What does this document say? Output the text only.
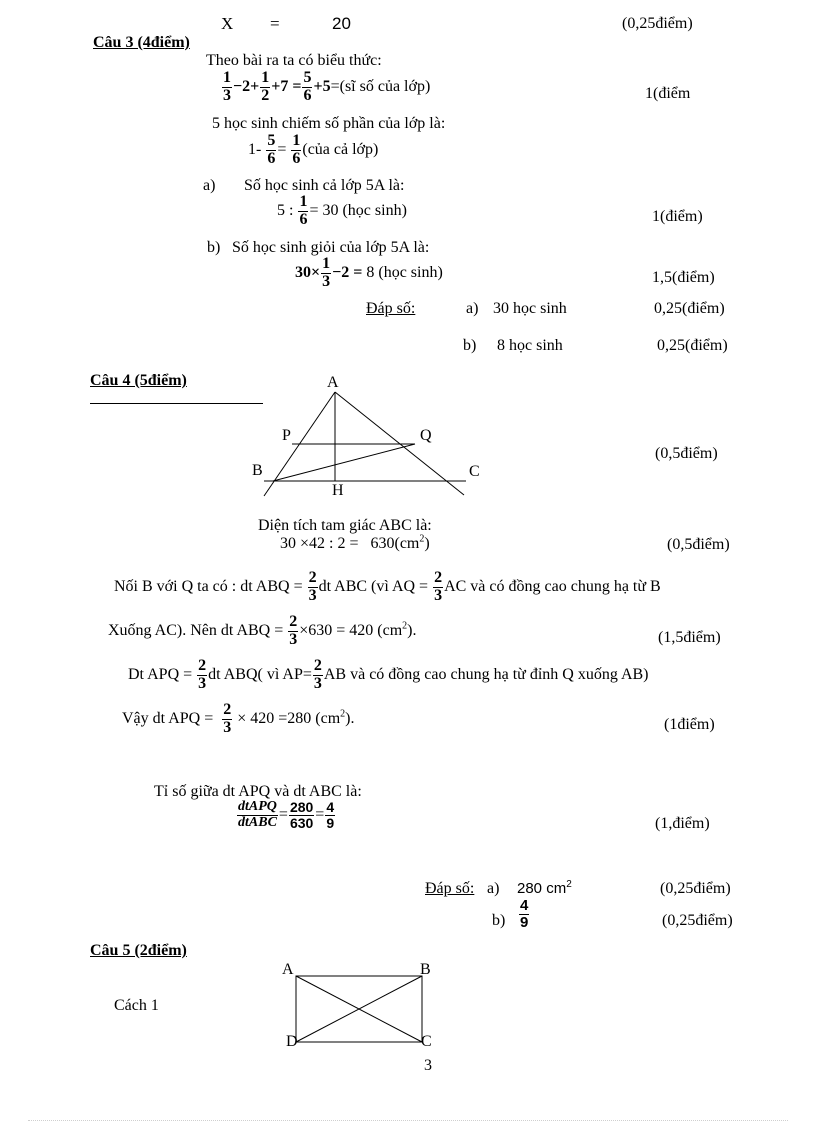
X =	20	(0,25điểm)
Câu 3 (4điểm)
Theo bài ra ta có biểu thức:
$\frac{1}{3} -2+ \frac{1}{2} +7 = \frac{5}{6}$ +5=(sĩ số của lớp)	1(điểm
5 học sinh chiếm số phần của lớp là:
$1- \frac{5}{6} = \frac{1}{6}$ (của cả lớp)
a) Số học sinh cả lớp 5A là:
5 : $\frac{1}{6} = 30$ (học sinh)	1(điểm)
b) Số học sinh giỏi của lớp 5A là:
$30\times \frac{1}{3} -2 = 8$ (học sinh)	1,5(điểm)
Đáp số:	a) 30 học sinh	0,25(điểm)
b) 8 học sinh	0,25(điểm)
Câu 4 (5điểm)	A
P	Q
B	C
H
(0,5điểm)
Diện tích tam giác ABC là:
30 ×42 : $2 = 630(cm^2)$	(0,5điểm)
Nối B với Q ta có : dt ABQ = $\frac{2}{3}$ dt ABC (vì AQ = $\frac{2}{3}$ AC và có đồng cao chung hạ từ B
Xuống AC). Nên dt ABQ = $\frac{2}{3} \times 630 = 420$ $(cm^2)$.	(1,5điểm)
Dt APQ = $\frac{2}{3}$ dt ABQ( vì $AP= \frac{2}{3}$ AB và có đồng cao chung hạ từ đỉnh Q xuống AB)
Vậy dt APQ = $\frac{2}{3} \times 420 =280$ $(cm^2)$.	(1điểm)
Tỉ số giữa dt APQ và dt ABC là:
$\frac{\text{dtAPQ}}{\text{dtABC}} = \frac{280}{630} = \frac{4}{9}$	(1,điểm)
Đáp số: a) 280 $cm^2$	(0,25điểm)
$b) \frac{4}{9}$	(0,25điểm)
Câu 5 (2điểm)
Cách 1
A	B
D	C
3
